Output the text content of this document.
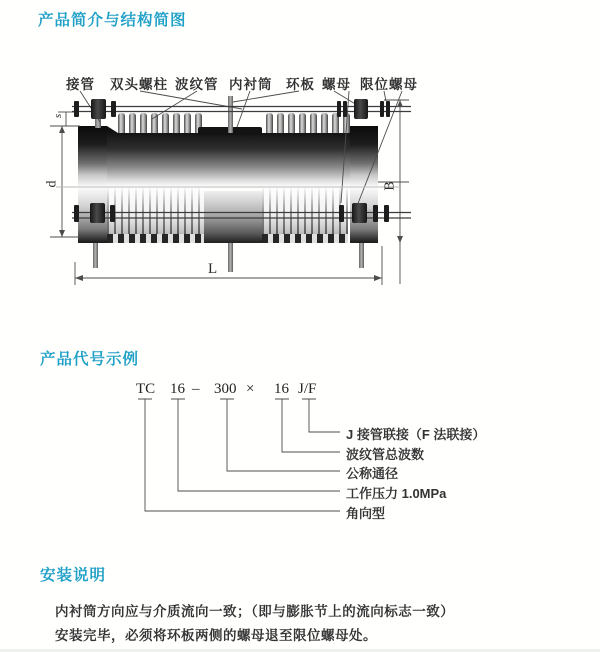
产品简介与结构简图
接管 双头螺柱 波纹管 内衬筒 环板 螺母 限位螺母
s
d	B
L
产品代号示例
TC 16 – 300 × 16 J/F
J 接管联接（F 法联接）
波纹管总波数
公称通径
工作压力 1.0MPa
角向型
安装说明
内衬筒方向应与介质流向一致；（即与膨胀节上的流向标志一致）
安装完毕，必须将环板两侧的螺母退至限位螺母处。
